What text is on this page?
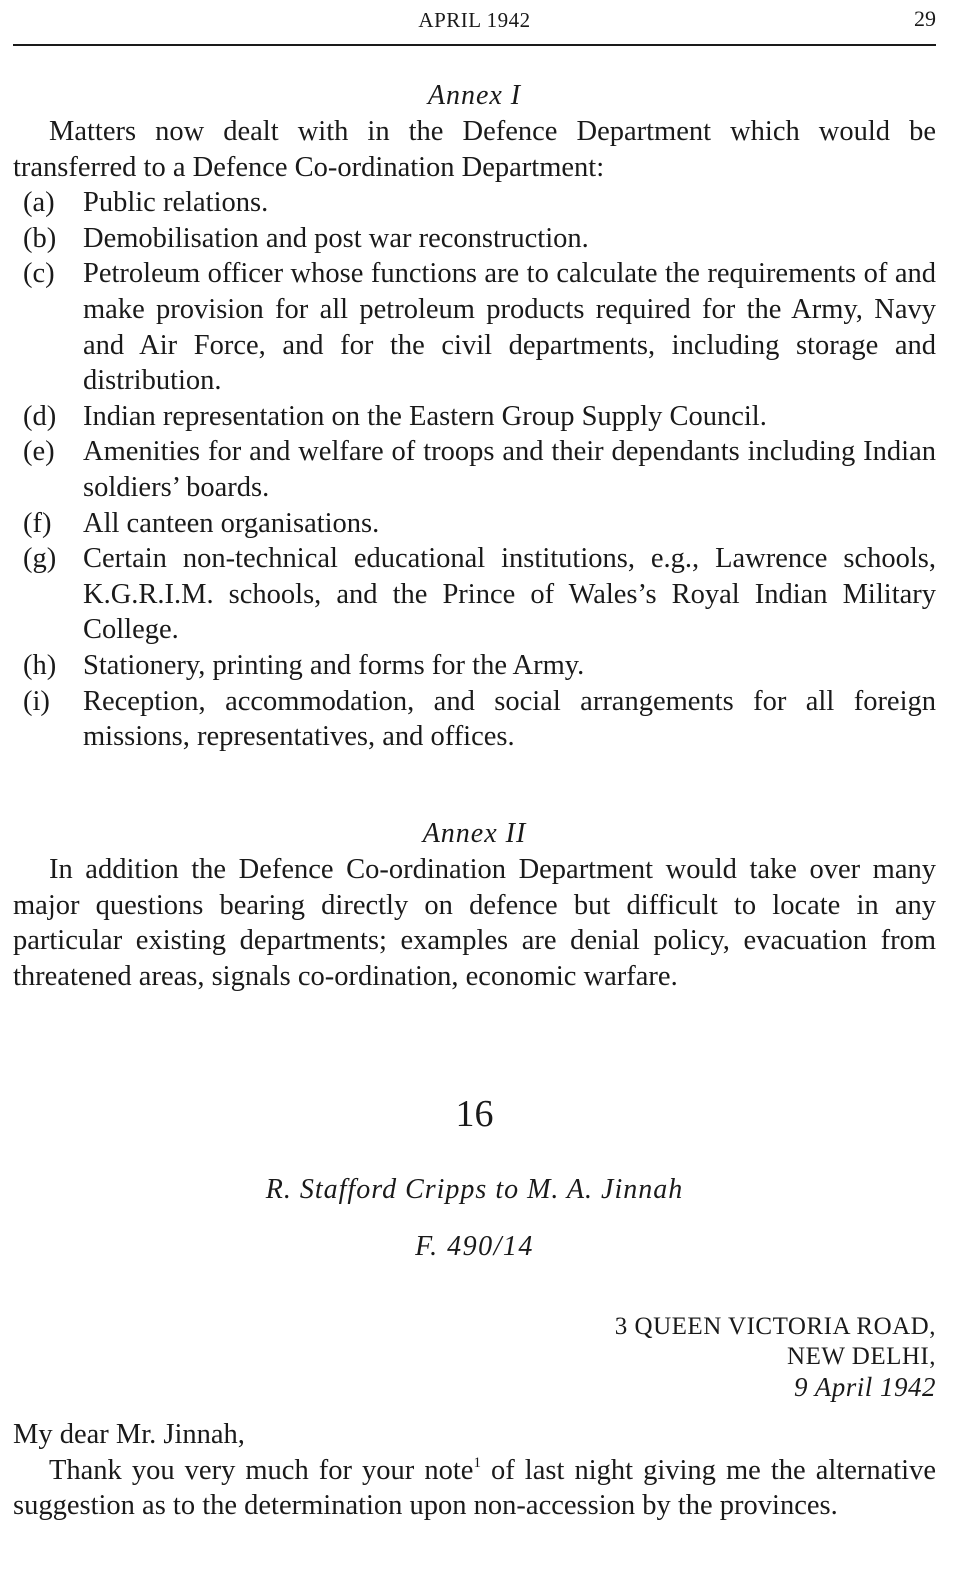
APRIL 1942	29
Annex I

Matters now dealt with in the Defence Department which would be transferred to a Defence Co-ordination Department:

(a) Public relations.
(b) Demobilisation and post war reconstruction.
(c) Petroleum officer whose functions are to calculate the requirements of and make provision for all petroleum products required for the Army, Navy and Air Force, and for the civil departments, including storage and distribution.
(d) Indian representation on the Eastern Group Supply Council.
(e) Amenities for and welfare of troops and their dependants including Indian soldiers’ boards.
(f) All canteen organisations.
(g) Certain non-technical educational institutions, e.g., Lawrence schools, K.G.R.I.M. schools, and the Prince of Wales’s Royal Indian Military College.
(h) Stationery, printing and forms for the Army.
(i) Reception, accommodation, and social arrangements for all foreign missions, representatives, and offices.
Annex II

In addition the Defence Co-ordination Department would take over many major questions bearing directly on defence but difficult to locate in any particular existing departments; examples are denial policy, evacuation from threatened areas, signals co-ordination, economic warfare.

16
R. Stafford Cripps to M. A. Jinnah
F. 490/14
3 QUEEN VICTORIA ROAD,
NEW DELHI,
9 April 1942

My dear Mr. Jinnah,

Thank you very much for your note$^1$ of last night giving me the alternative suggestion as to the determination upon non-accession by the provinces.
